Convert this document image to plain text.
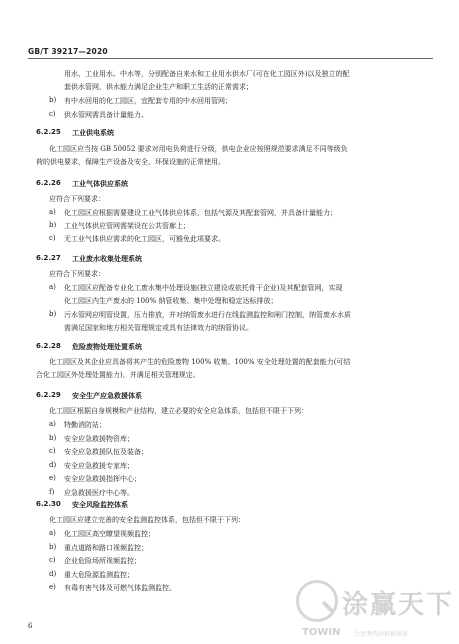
GB/T 39217—2020
用水、工业用水、中水等，分别配备自来水和工业用水供水厂(可在化工园区外)以及独立的配
套供水管网，供水能力满足企业生产和职工生活的正常需求；
b) 有中水回用的化工园区，宜配套专用的中水回用管网；
c) 供水管网需具备计量能力。
6.2.25 工业供电系统
化工园区应当按 GB 50052 要求对用电负荷进行分级，供电企业应按照规范要求满足不同等级负
荷的供电要求，保障生产设备及安全、环保设施的正常使用。
6.2.26 工业气体供应系统
应符合下列要求：
a) 化工园区应根据需要建设工业气体供应体系，包括气源及其配套管网，并具备计量能力；
b) 工业气体供应管网需架设在公共管廊上；
c) 无工业气体供应需求的化工园区，可豁免此项要求。
6.2.27 工业废水收集处理系统
应符合下列要求：
a) 化工园区应配备专业化工废水集中处理设施(独立建设或依托骨干企业)及其配套管网，实现
化工园区内生产废水的 100% 纳管收集、集中处理和稳定达标排放；
b) 污水管网应明管设置，压力排放，并对纳管废水进行在线监测监控和闸门控制，纳管废水水质
需满足国家和地方相关管理规定或具有法律效力的纳管协议。
6.2.28 危险废物处理处置系统
化工园区及其企业应具备将其产生的危险废物 100% 收集、100% 安全处理处置的配套能力(可结
合化工园区外处理处置能力)，并满足相关管理规定。
6.2.29 安全生产应急救援体系
化工园区根据自身规模和产业结构，建立必要的安全应急体系，包括但不限于下列：
a) 特勤消防站；
b) 安全应急救援物资库；
c) 安全应急救援队伍及装备；
d) 安全应急救援专家库；
e) 安全应急救援指挥中心；
f) 应急救援医疗中心等。
6.2.30 安全风险监控体系
化工园区应建立完善的安全监测监控体系，包括但不限于下列：
a) 化工园区高空瞭望视频监控；
b) 重点道路和路口视频监控；
c) 企业危险场所视频监控；
d) 重大危险源监测监控；
e) 有毒有害气体及可燃气体监测监控。
6
涂赢天下
TOWIN 会思考的涂料新媒体
